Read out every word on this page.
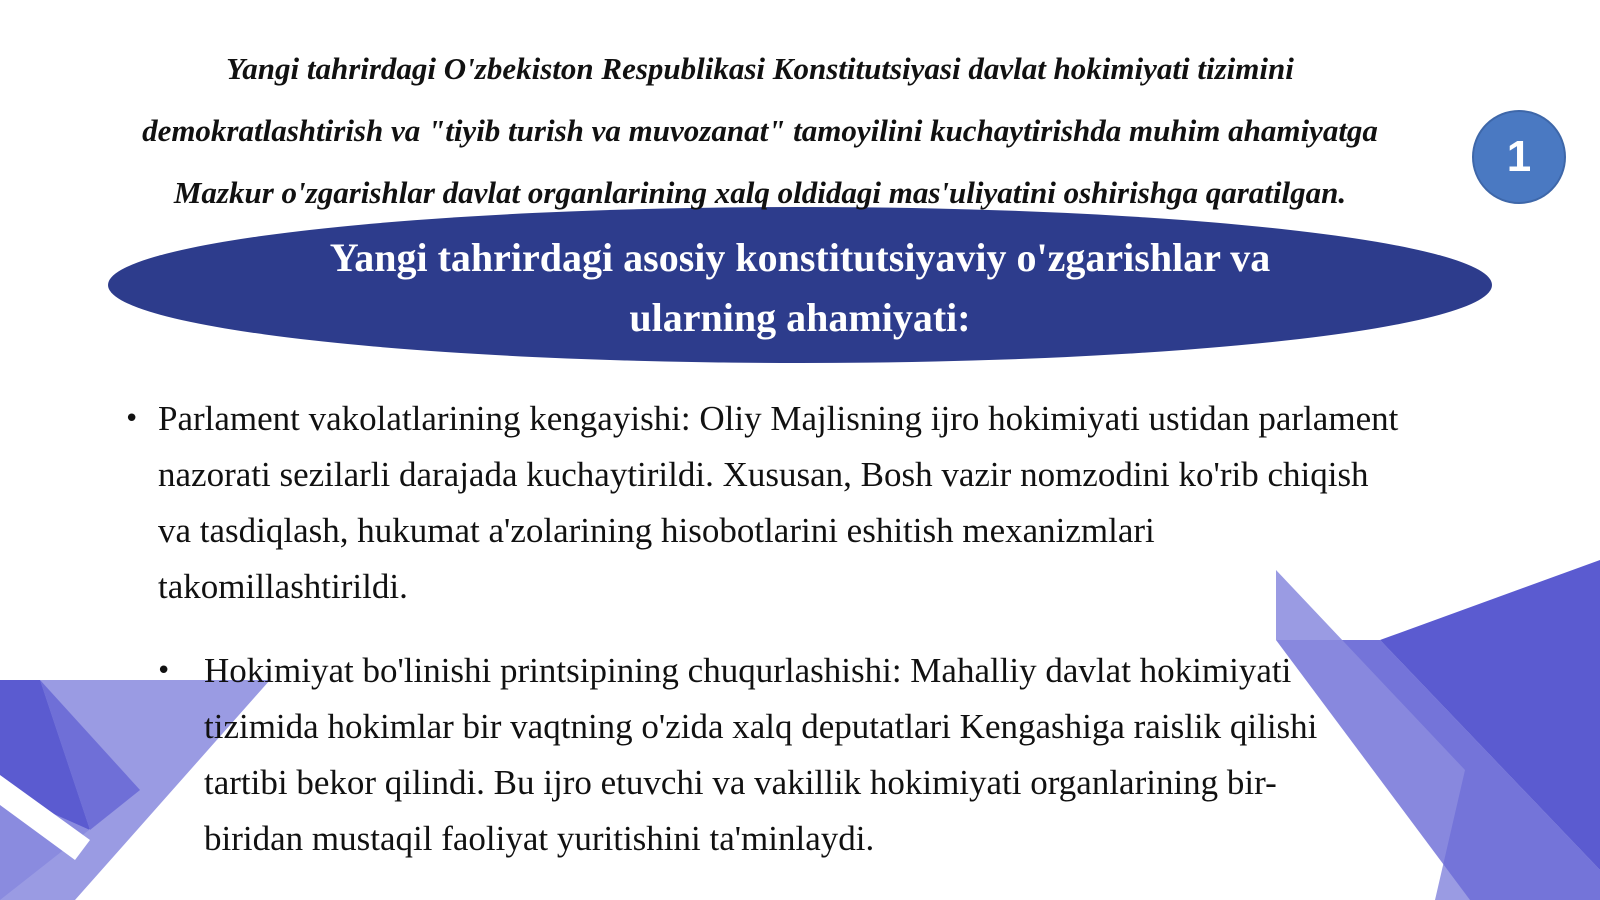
Yangi tahrirdagi O'zbekiston Respublikasi Konstitutsiyasi davlat hokimiyati tizimini
demokratlashtirish va "tiyib turish va muvozanat" tamoyilini kuchaytirishda muhim ahamiyatga
Mazkur o'zgarishlar davlat organlarining xalq oldidagi mas'uliyatini oshirishga qaratilgan.
1
Yangi tahrirdagi asosiy konstitutsiyaviy o'zgarishlar va
ularning ahamiyati:
• Parlament vakolatlarining kengayishi: Oliy Majlisning ijro hokimiyati ustidan parlament
nazorati sezilarli darajada kuchaytirildi. Xususan, Bosh vazir nomzodini ko'rib chiqish
va tasdiqlash, hukumat a'zolarining hisobotlarini eshitish mexanizmlari
takomillashtirildi.
• Hokimiyat bo'linishi printsipining chuqurlashishi: Mahalliy davlat hokimiyati
tizimida hokimlar bir vaqtning o'zida xalq deputatlari Kengashiga raislik qilishi
tartibi bekor qilindi. Bu ijro etuvchi va vakillik hokimiyati organlarining bir-
biridan mustaqil faoliyat yuritishini ta'minlaydi.
